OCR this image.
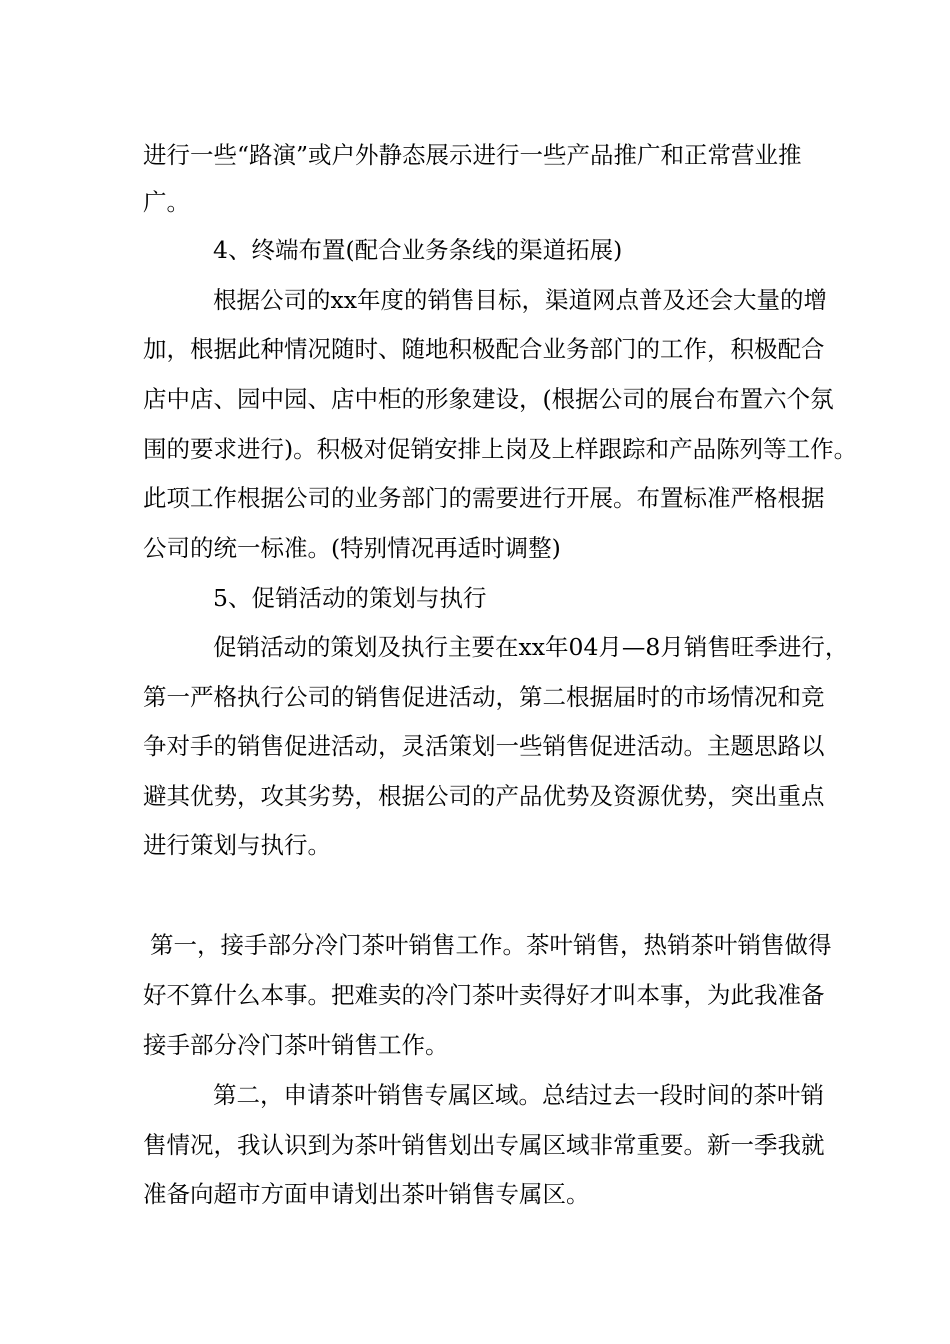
进行一些“路演”或户外静态展示进行一些产品推广和正常营业推
广。
4、终端布置(配合业务条线的渠道拓展)
根据公司的xx年度的销售目标，渠道网点普及还会大量的增
加，根据此种情况随时、随地积极配合业务部门的工作，积极配合
店中店、园中园、店中柜的形象建设，(根据公司的展台布置六个氛
围的要求进行)。积极对促销安排上岗及上样跟踪和产品陈列等工作。
此项工作根据公司的业务部门的需要进行开展。布置标准严格根据
公司的统一标准。(特别情况再适时调整)
5、促销活动的策划与执行
促销活动的策划及执行主要在xx年04月—8月销售旺季进行，
第一严格执行公司的销售促进活动，第二根据届时的市场情况和竞
争对手的销售促进活动，灵活策划一些销售促进活动。主题思路以
避其优势，攻其劣势，根据公司的产品优势及资源优势，突出重点
进行策划与执行。
第一，接手部分冷门茶叶销售工作。茶叶销售，热销茶叶销售做得
好不算什么本事。把难卖的冷门茶叶卖得好才叫本事，为此我准备
接手部分冷门茶叶销售工作。
第二，申请茶叶销售专属区域。总结过去一段时间的茶叶销
售情况，我认识到为茶叶销售划出专属区域非常重要。新一季我就
准备向超市方面申请划出茶叶销售专属区。
